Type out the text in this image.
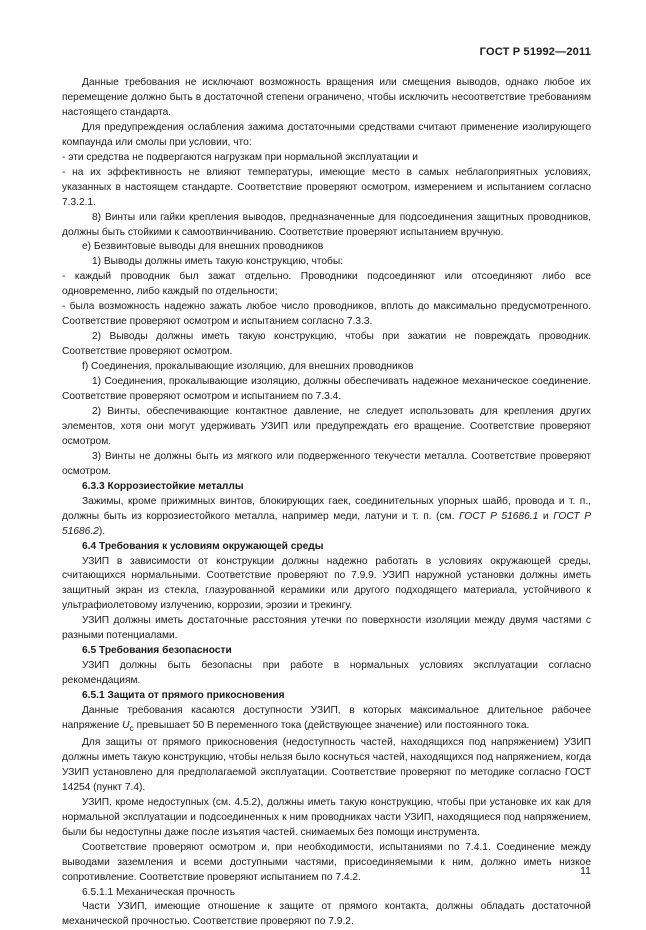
ГОСТ Р 51992—2011

Данные требования не исключают возможность вращения или смещения выводов, однако любое их перемещение должно быть в достаточной степени ограничено, чтобы исключить несоответствие требованиям настоящего стандарта.

Для предупреждения ослабления зажима достаточными средствами считают применение изолирующего компаунда или смолы при условии, что:

- эти средства не подвергаются нагрузкам при нормальной эксплуатации и

- на их эффективность не влияют температуры, имеющие место в самых неблагоприятных условиях, указанных в настоящем стандарте. Соответствие проверяют осмотром, измерением и испытанием согласно 7.3.2.1.

8) Винты или гайки крепления выводов, предназначенные для подсоединения защитных проводников, должны быть стойкими к самоотвинчиванию. Соответствие проверяют испытанием вручную.

е) Безвинтовые выводы для внешних проводников

1) Выводы должны иметь такую конструкцию, чтобы:

- каждый проводник был зажат отдельно. Проводники подсоединяют или отсоединяют либо все одновременно, либо каждый по отдельности;

- была возможность надежно зажать любое число проводников, вплоть до максимально предусмотренного. Соответствие проверяют осмотром и испытанием согласно 7.3.3.

2) Выводы должны иметь такую конструкцию, чтобы при зажатии не повреждать проводник. Соответствие проверяют осмотром.

f) Соединения, прокалывающие изоляцию, для внешних проводников

1) Соединения, прокалывающие изоляцию, должны обеспечивать надежное механическое соединение. Соответствие проверяют осмотром и испытанием по 7.3.4.

2) Винты, обеспечивающие контактное давление, не следует использовать для крепления других элементов, хотя они могут удерживать УЗИП или предупреждать его вращение. Соответствие проверяют осмотром.

3) Винты не должны быть из мягкого или подверженного текучести металла. Соответствие проверяют осмотром.

6.3.3 Коррозиестойкие металлы

Зажимы, кроме прижимных винтов, блокирующих гаек, соединительных упорных шайб, провода и т. п., должны быть из коррозиестойкого металла, например меди, латуни и т. п. (см. ГОСТ Р 51686.1 и ГОСТ Р 51686.2).

6.4 Требования к условиям окружающей среды

УЗИП в зависимости от конструкции должны надежно работать в условиях окружающей среды, считающихся нормальными. Соответствие проверяют по 7.9.9. УЗИП наружной установки должны иметь защитный экран из стекла, глазурованной керамики или другого подходящего материала, устойчивого к ультрафиолетовому излучению, коррозии, эрозии и трекингу.

УЗИП должны иметь достаточные расстояния утечки по поверхности изоляции между двумя частями с разными потенциалами.

6.5 Требования безопасности

УЗИП должны быть безопасны при работе в нормальных условиях эксплуатации согласно рекомендациям.

6.5.1 Защита от прямого прикосновения

Данные требования касаются доступности УЗИП, в которых максимальное длительное рабочее напряжение $U_c$ превышает 50 В переменного тока (действующее значение) или постоянного тока.

Для защиты от прямого прикосновения (недоступность частей, находящихся под напряжением) УЗИП должны иметь такую конструкцию, чтобы нельзя было коснуться частей, находящихся под напряжением, когда УЗИП установлено для предполагаемой эксплуатации. Соответствие проверяют по методике согласно ГОСТ 14254 (пункт 7.4).

УЗИП, кроме недоступных (см. 4.5.2), должны иметь такую конструкцию, чтобы при установке их как для нормальной эксплуатации и подсоединенных к ним проводниках части УЗИП, находящиеся под напряжением, были бы недоступны даже после изъятия частей. снимаемых без помощи инструмента.

Соответствие проверяют осмотром и, при необходимости, испытаниями по 7.4.1. Соединение между выводами заземления и всеми доступными частями, присоединяемыми к ним, должно иметь низкое сопротивление. Соответствие проверяют испытанием по 7.4.2.

6.5.1.1 Механическая прочность

Части УЗИП, имеющие отношение к защите от прямого контакта, должны обладать достаточной механической прочностью. Соответствие проверяют по 7.9.2.

11
